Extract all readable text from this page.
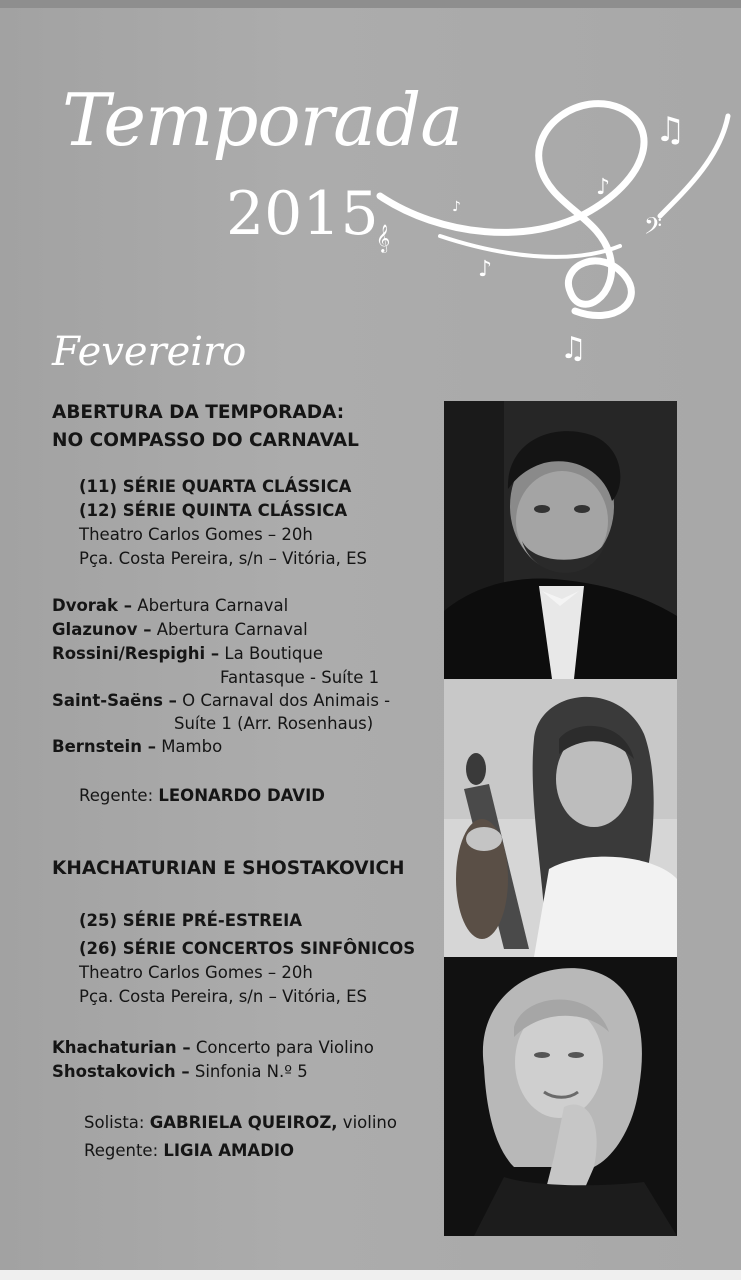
Temporada
2015
♫
♪
𝄢
♪
𝄞
♫
♪
Fevereiro
ABERTURA DA TEMPORADA:
NO COMPASSO DO CARNAVAL
(11) SÉRIE QUARTA CLÁSSICA
(12) SÉRIE QUINTA CLÁSSICA
Theatro Carlos Gomes – 20h
Pça. Costa Pereira, s/n – Vitória, ES
Dvorak – Abertura Carnaval
Glazunov – Abertura Carnaval
Rossini/Respighi – La Boutique
Fantasque - Suíte 1
Saint-Saëns – O Carnaval dos Animais -
Suíte 1 (Arr. Rosenhaus)
Bernstein – Mambo
Regente: LEONARDO DAVID
KHACHATURIAN E SHOSTAKOVICH
(25) SÉRIE PRÉ-ESTREIA
(26) SÉRIE CONCERTOS SINFÔNICOS
Theatro Carlos Gomes – 20h
Pça. Costa Pereira, s/n – Vitória, ES
Khachaturian – Concerto para Violino
Shostakovich – Sinfonia N.º 5
Solista: GABRIELA QUEIROZ, violino
Regente: LIGIA AMADIO
